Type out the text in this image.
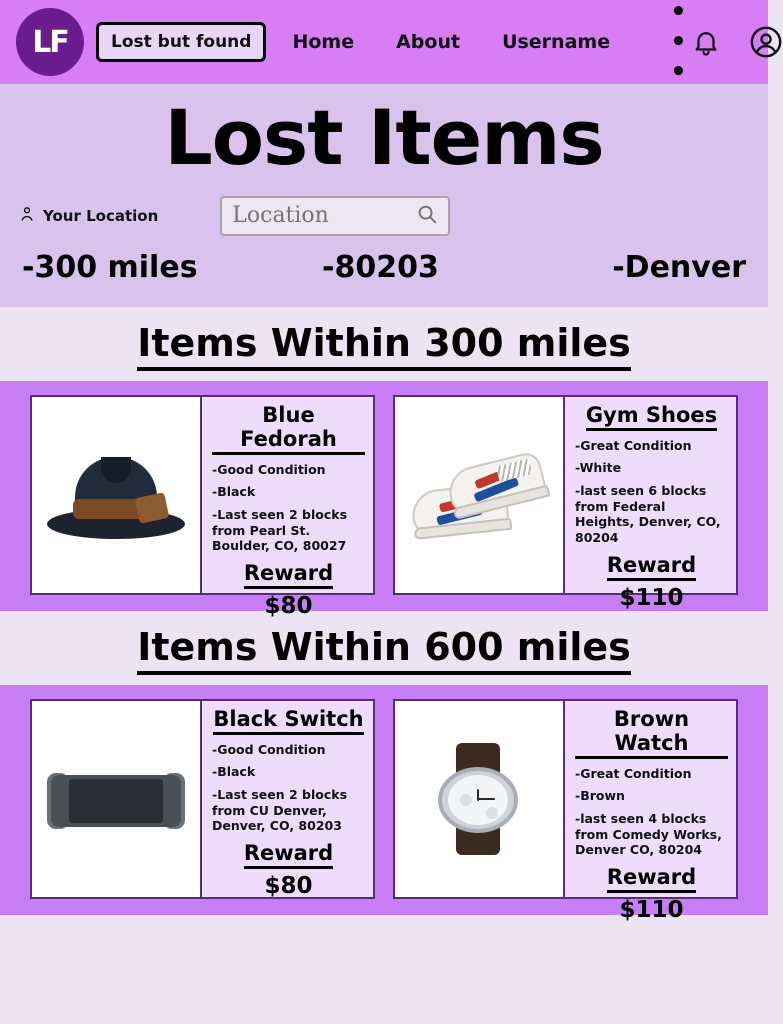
LF	Lost but found	Home About Username
• • •
Lost Items
Your Location
Location
-300 miles	-80203	-Denver
Items Within 300 miles
Blue Fedorah
-Good Condition
-Black
-Last seen 2 blocks from Pearl St. Boulder, CO, 80027
Reward
$80
Gym Shoes
-Great Condition
-White
-last seen 6 blocks from Federal Heights, Denver, CO, 80204
Reward
$110
Items Within 600 miles
Black Switch
-Good Condition
-Black
-Last seen 2 blocks from CU Denver, Denver, CO, 80203
Reward
$80
Brown Watch
-Great Condition
-Brown
-last seen 4 blocks from Comedy Works, Denver CO, 80204
Reward
$110
